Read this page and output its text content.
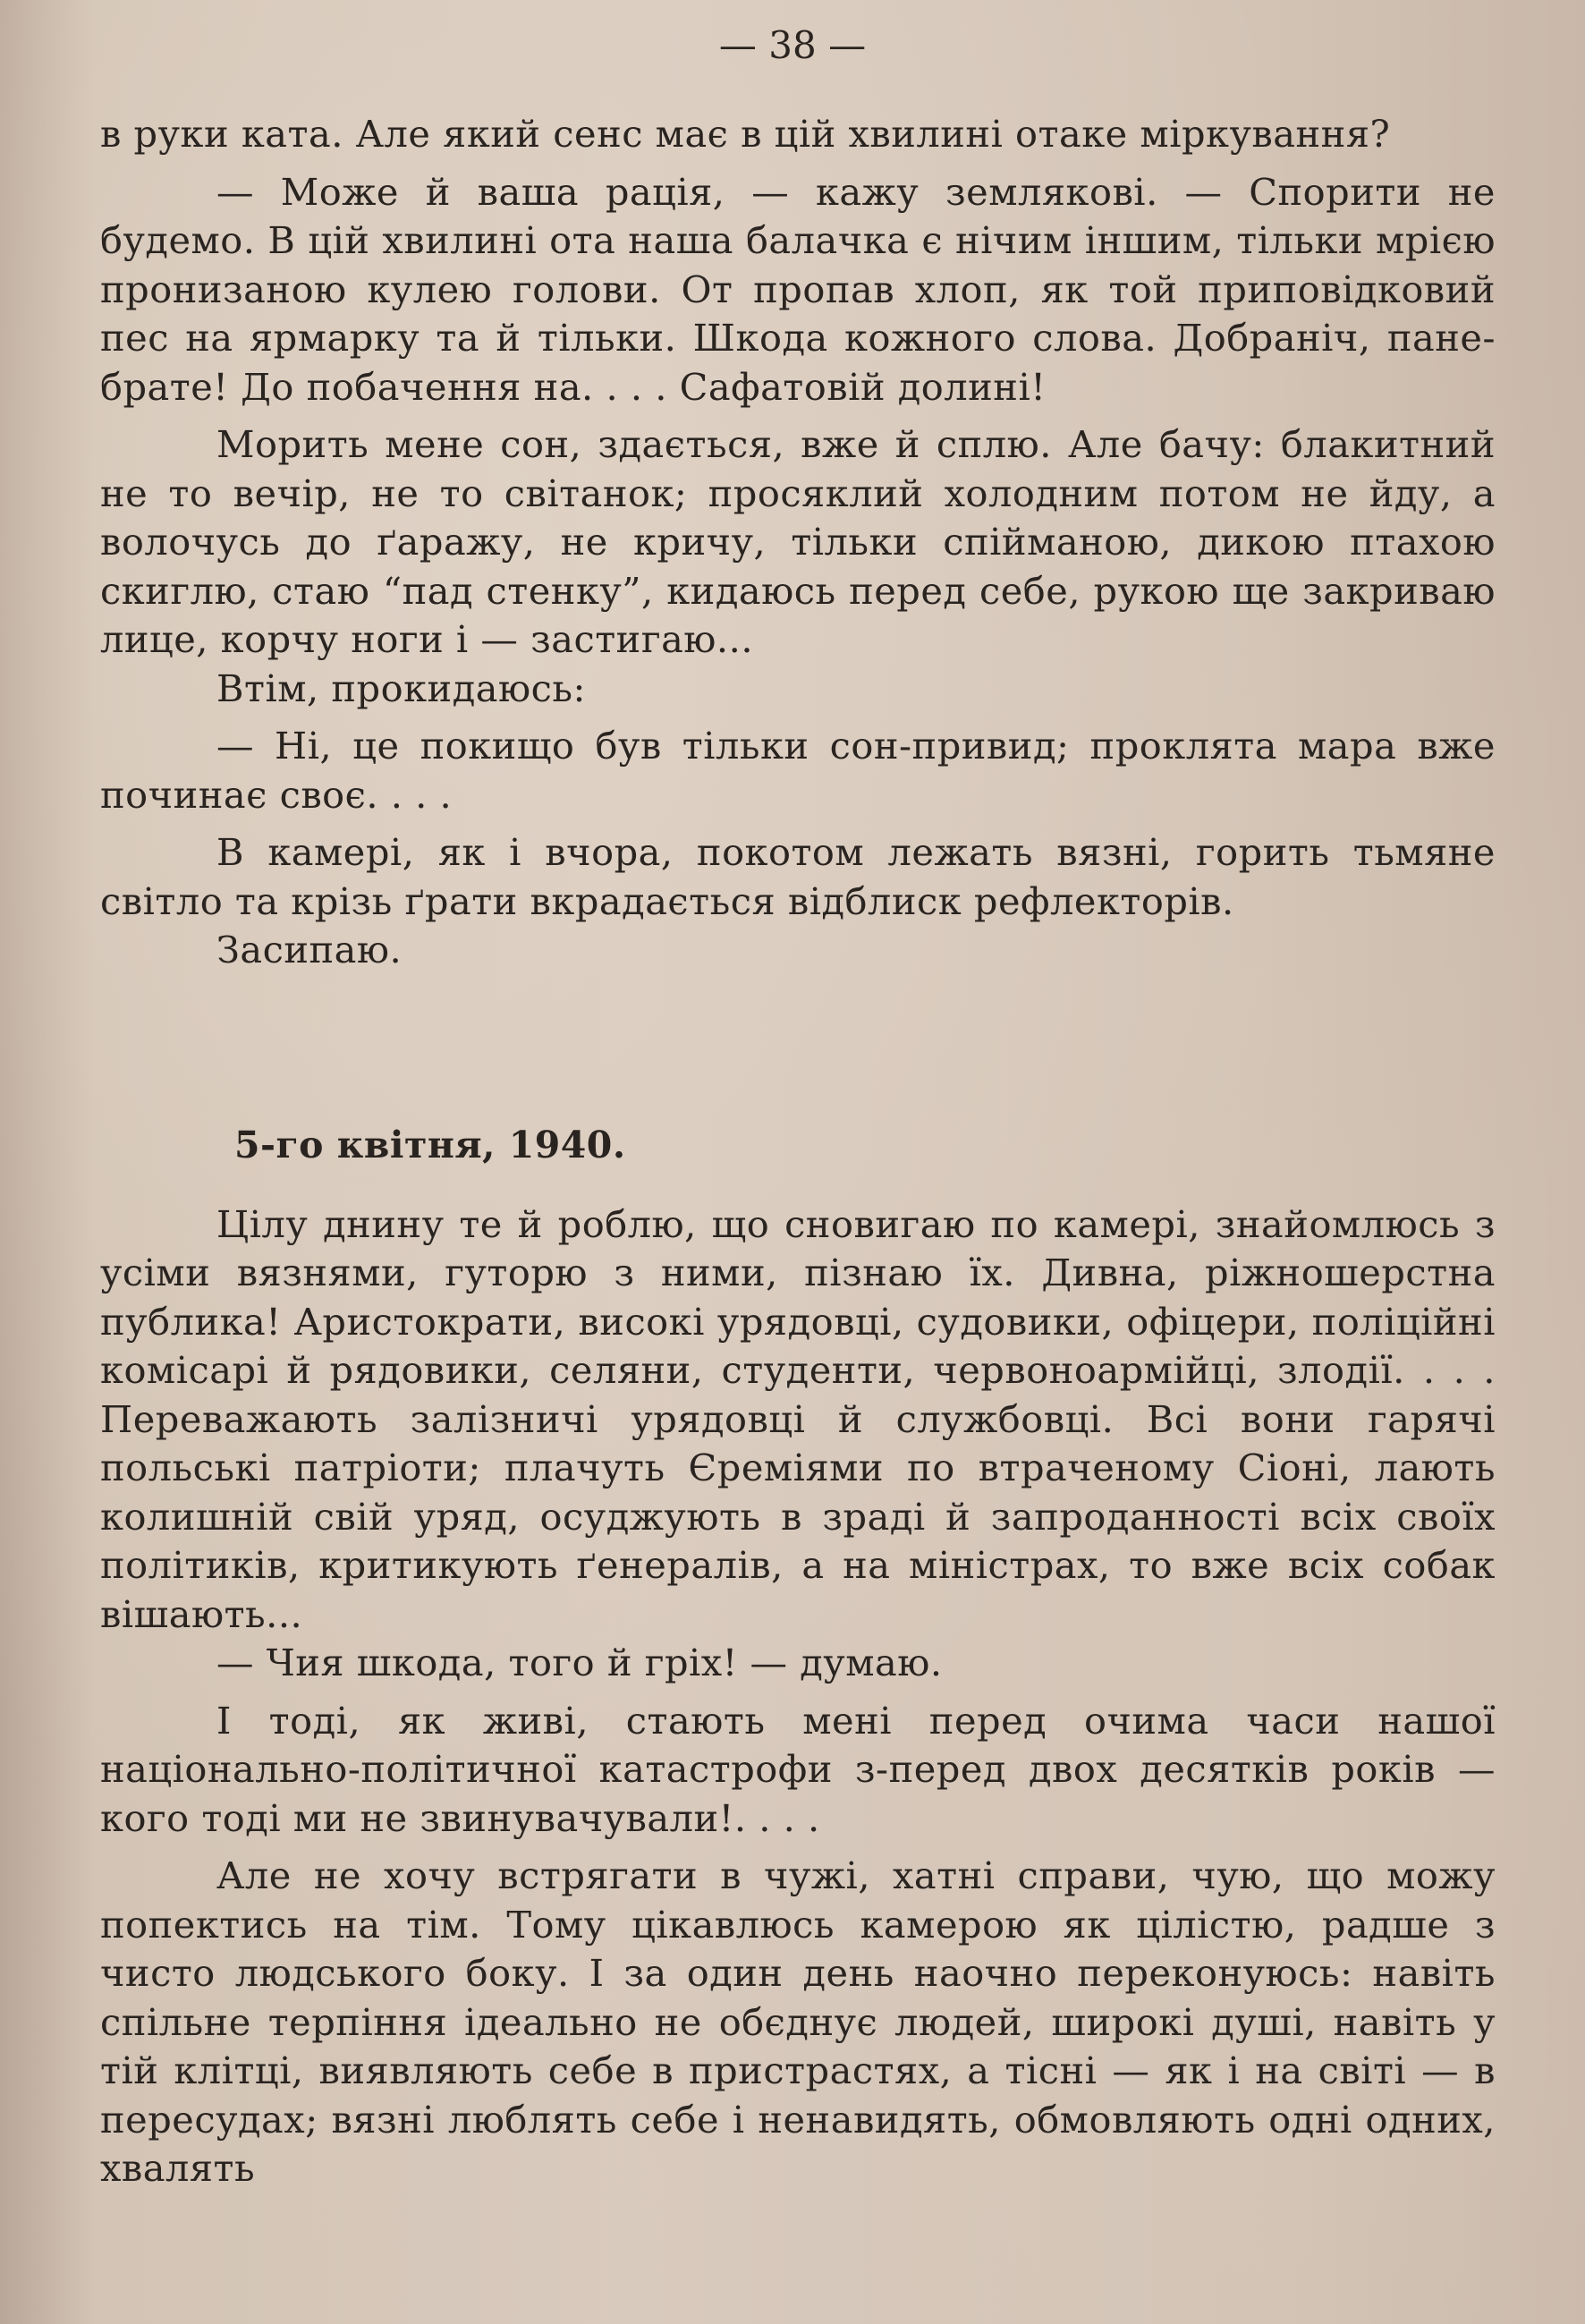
— 38 —

в руки ката. Але який сенс має в цій хвилині отаке міркування?

— Може й ваша рація, — кажу землякові. — Спорити не будемо. В цій хвилині ота наша балачка є нічим іншим, тільки мрією пронизаною кулею голови. От пропав хлоп, як той приповідковий пес на ярмарку та й тільки. Шкода кожного слова. Добраніч, пане-брате! До побачення на. . . . Сафатовій долині!

Морить мене сон, здається, вже й сплю. Але бачу: блакитний не то вечір, не то світанок; просяклий холодним потом не йду, а волочусь до ґаражу, не кричу, тільки спійманою, дикою птахою скиглю, стаю “пад стенку”, кидаюсь перед себе, рукою ще закриваю лице, корчу ноги і — застигаю...

Втім, прокидаюсь:

— Ні, це покищо був тільки сон-привид; проклята мара вже починає своє. . . .

В камері, як і вчора, покотом лежать вязні, горить тьмяне світло та крізь ґрати вкрадається відблиск рефлекторів.

Засипаю.

5-го квітня, 1940.

Цілу днину те й роблю, що сновигаю по камері, знайомлюсь з усіми вязнями, гуторю з ними, пізнаю їх. Дивна, ріжношерстна публика! Аристократи, високі урядовці, судовики, офіцери, поліційні комісарі й рядовики, селяни, студенти, червоноармійці, злодії. . . . Переважають залізничі урядовці й службовці. Всі вони гарячі польські патріоти; плачуть Єреміями по втраченому Сіоні, лають колишній свій уряд, осуджують в зраді й запроданності всіх своїх політиків, критикують ґенералів, а на міністрах, то вже всіх собак вішають...

— Чия шкода, того й гріх! — думаю.

І тоді, як живі, стають мені перед очима часи нашої національно-політичної катастрофи з-перед двох десятків років — кого тоді ми не звинувачували!. . . .

Але не хочу встрягати в чужі, хатні справи, чую, що можу попектись на тім. Тому цікавлюсь камерою як цілістю, радше з чисто людського боку. І за один день наочно переконуюсь: навіть спільне терпіння ідеально не обєднує людей, широкі душі, навіть у тій клітці, виявляють себе в пристрастях, а тісні — як і на світі — в пересудах; вязні люблять себе і ненавидять, обмовляють одні одних, хвалять
